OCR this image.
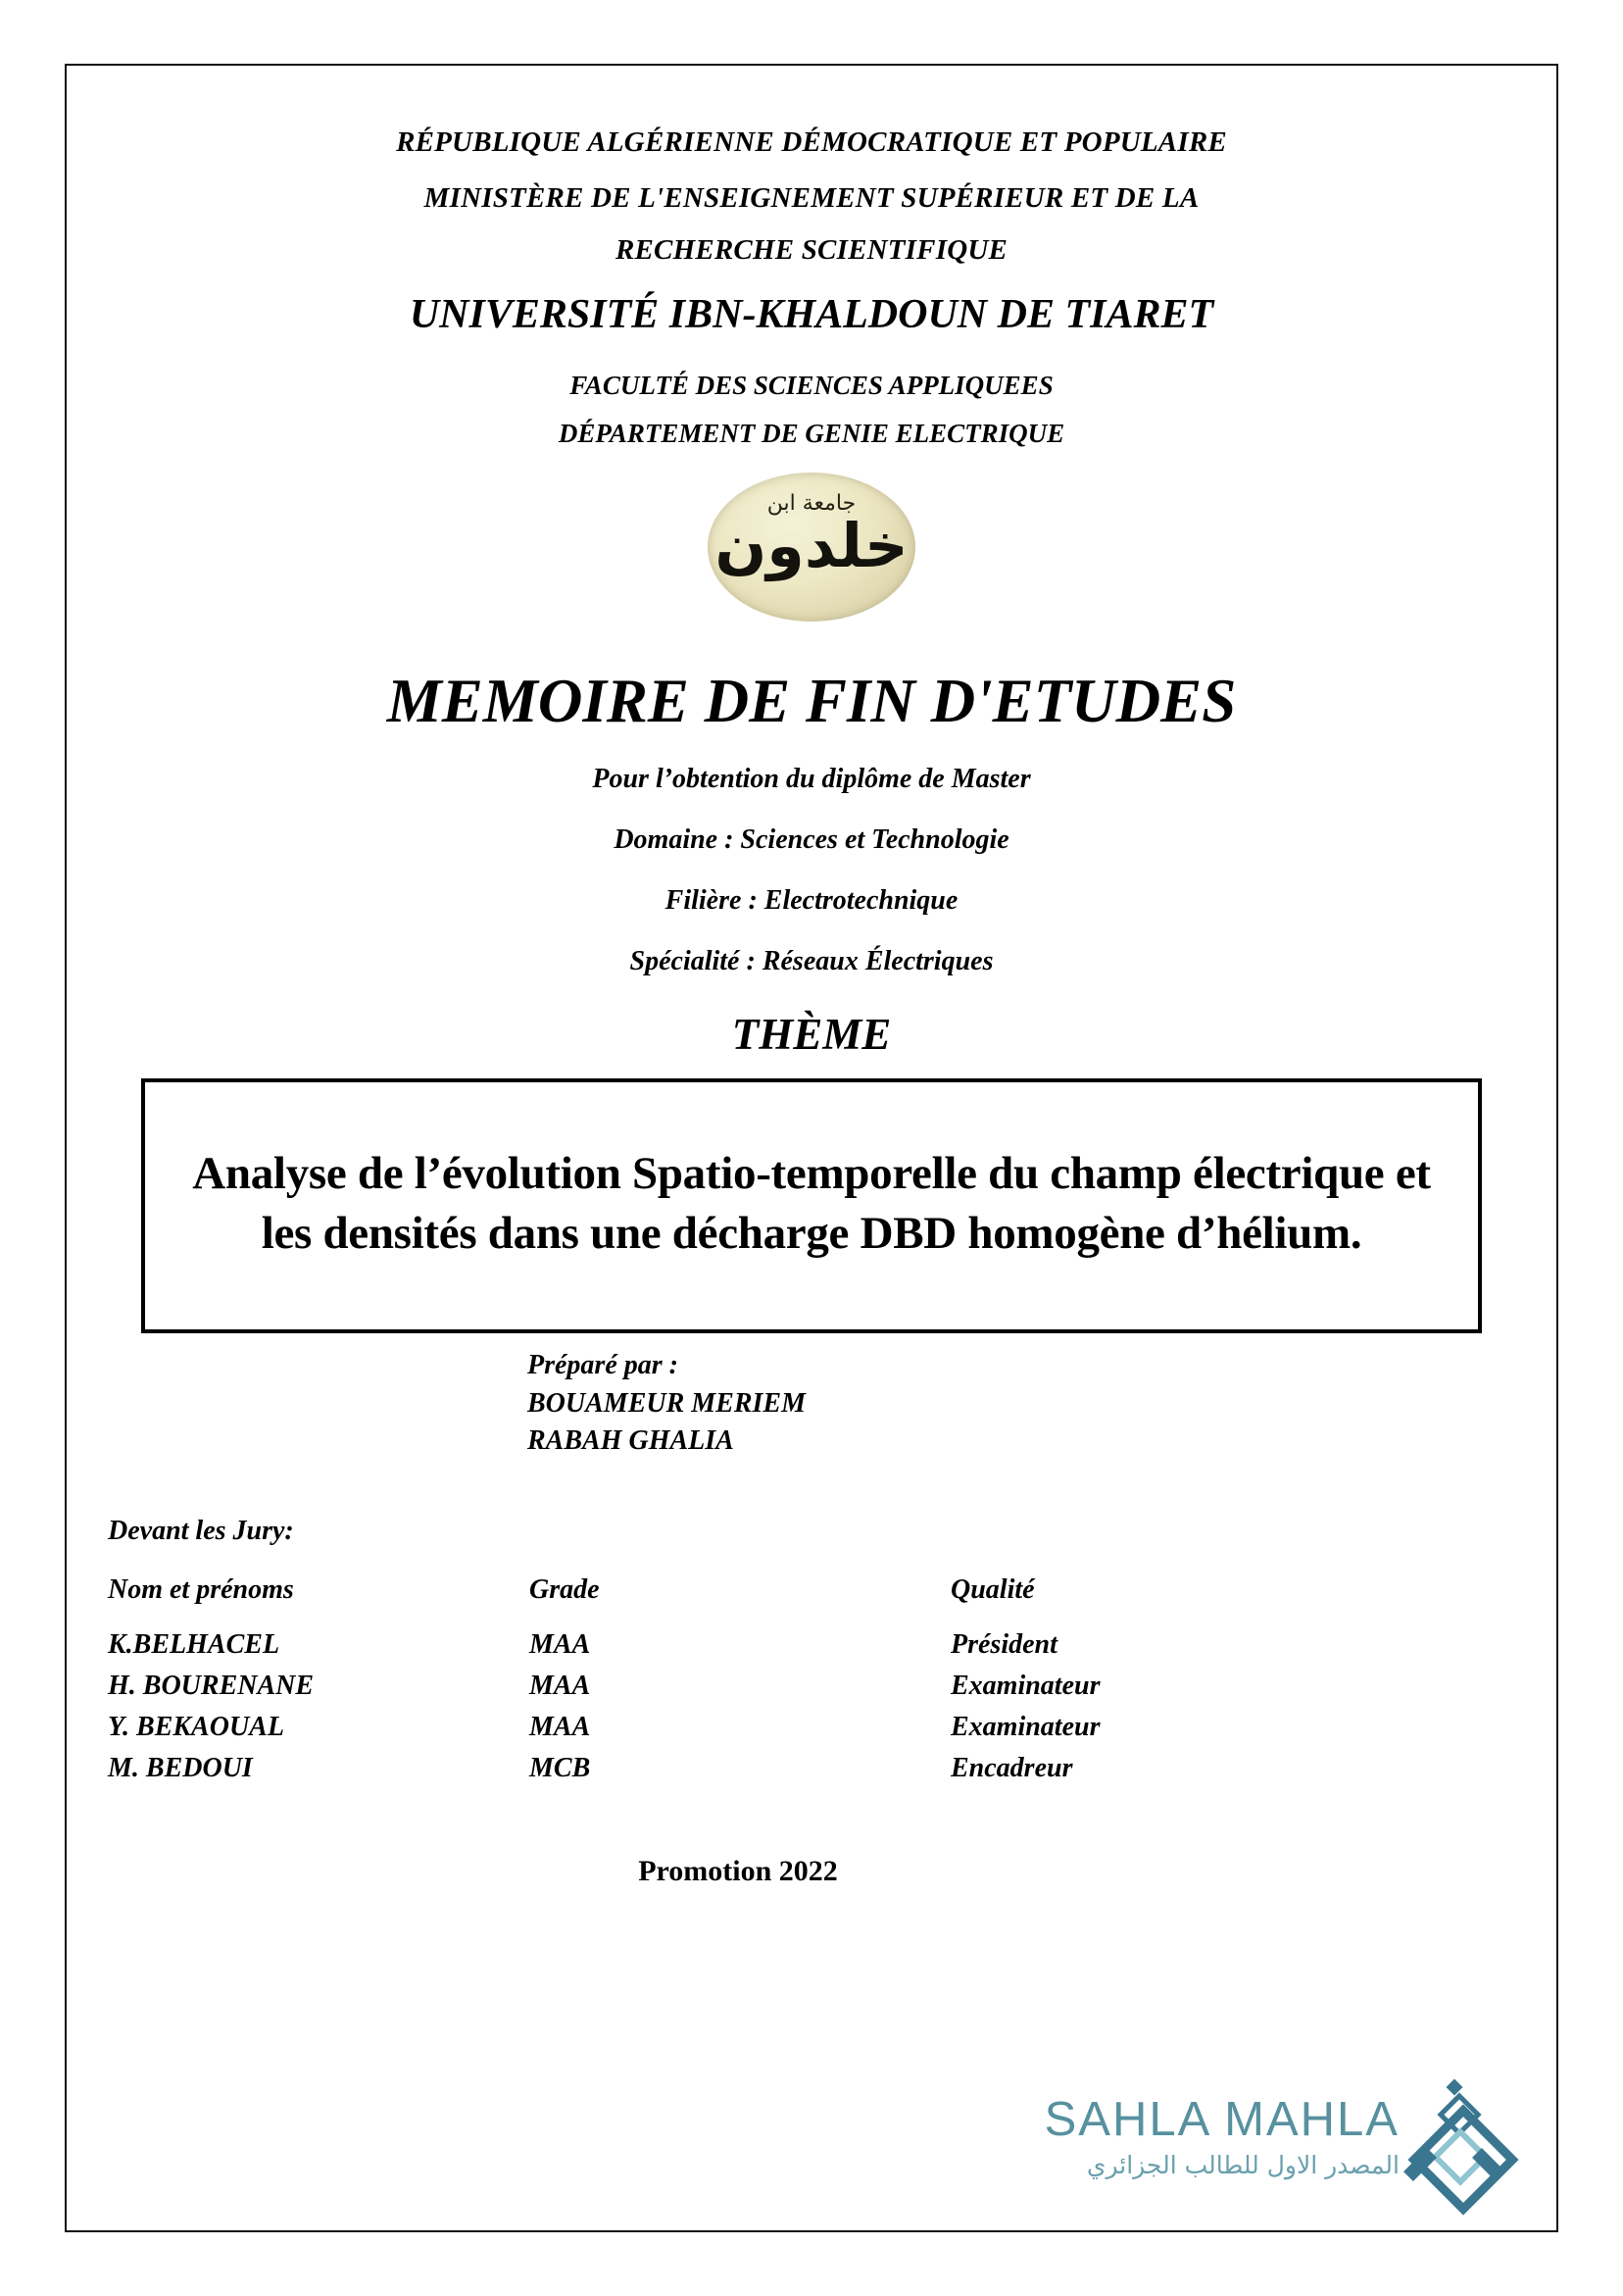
RÉPUBLIQUE ALGÉRIENNE DÉMOCRATIQUE ET POPULAIRE
MINISTÈRE DE L'ENSEIGNEMENT SUPÉRIEUR ET DE LA
RECHERCHE SCIENTIFIQUE
UNIVERSITÉ IBN-KHALDOUN DE TIARET
FACULTÉ DES SCIENCES APPLIQUEES
DÉPARTEMENT DE GENIE ELECTRIQUE
جامعة ابن
خلدون
MEMOIRE DE FIN D'ETUDES
Pour l’obtention du diplôme de Master
Domaine : Sciences et Technologie
Filière : Electrotechnique
Spécialité : Réseaux Électriques
THÈME
Analyse de l’évolution Spatio-temporelle du champ électrique et les densités dans une décharge DBD homogène d’hélium.
Préparé par :
BOUAMEUR MERIEM
RABAH GHALIA
Devant les Jury:
Nom et prénoms	Grade	Qualité
K.BELHACEL	MAA	Président
H. BOURENANE	MAA	Examinateur
Y. BEKAOUAL	MAA	Examinateur
M. BEDOUI	MCB	Encadreur
Promotion 2022
SAHLA MAHLA
المصدر الاول للطالب الجزائري
